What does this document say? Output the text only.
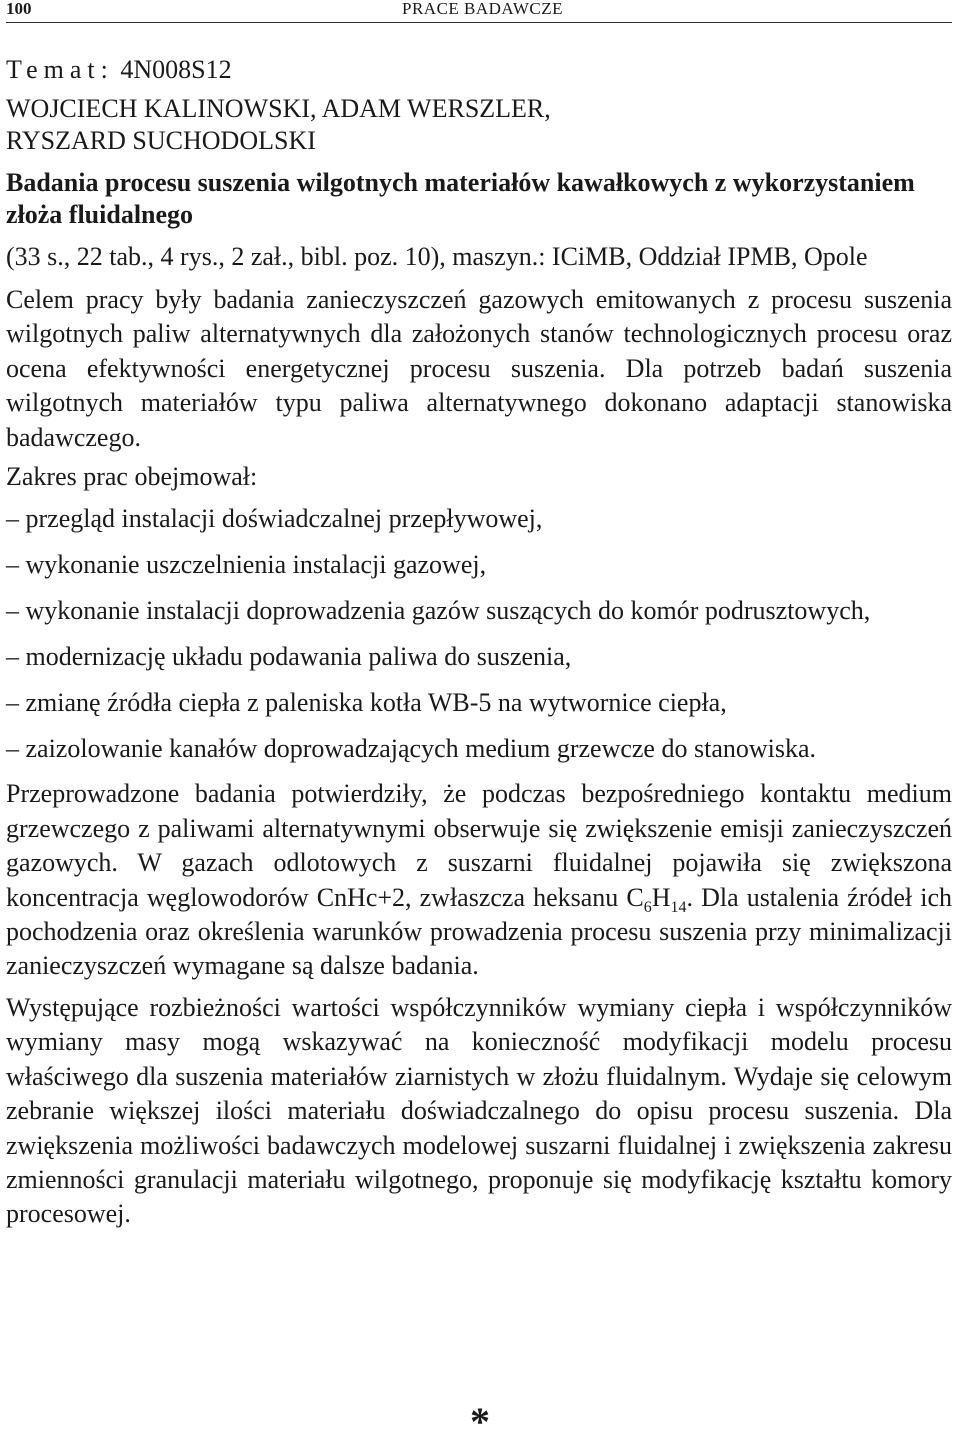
100	PRACE BADAWCZE
Temat: 4N008S12
WOJCIECH KALINOWSKI, ADAM WERSZLER,
RYSZARD SUCHODOLSKI
Badania procesu suszenia wilgotnych materiałów kawałkowych z wykorzystaniem złoża fluidalnego
(33 s., 22 tab., 4 rys., 2 zał., bibl. poz. 10), maszyn.: ICiMB, Oddział IPMB, Opole

Celem pracy były badania zanieczyszczeń gazowych emitowanych z procesu suszenia wilgotnych paliw alternatywnych dla założonych stanów technologicznych procesu oraz ocena efektywności energetycznej procesu suszenia. Dla potrzeb badań suszenia wilgotnych materiałów typu paliwa alternatywnego dokonano adaptacji stanowiska badawczego.

Zakres prac obejmował:

– przegląd instalacji doświadczalnej przepływowej,
– wykonanie uszczelnienia instalacji gazowej,
– wykonanie instalacji doprowadzenia gazów suszących do komór podrusztowych,
– modernizację układu podawania paliwa do suszenia,
– zmianę źródła ciepła z paleniska kotła WB-5 na wytwornice ciepła,
– zaizolowanie kanałów doprowadzających medium grzewcze do stanowiska.

Przeprowadzone badania potwierdziły, że podczas bezpośredniego kontaktu medium grzewczego z paliwami alternatywnymi obserwuje się zwiększenie emisji zanieczyszczeń gazowych. W gazach odlotowych z suszarni fluidalnej pojawiła się zwiększona koncentracja węglowodorów CnHc+2, zwłaszcza heksanu $C_6H_{14}$. Dla ustalenia źródeł ich pochodzenia oraz określenia warunków prowadzenia procesu suszenia przy minimalizacji zanieczyszczeń wymagane są dalsze badania.

Występujące rozbieżności wartości współczynników wymiany ciepła i współczynników wymiany masy mogą wskazywać na konieczność modyfikacji modelu procesu właściwego dla suszenia materiałów ziarnistych w złożu fluidalnym. Wydaje się celowym zebranie większej ilości materiału doświadczalnego do opisu procesu suszenia. Dla zwiększenia możliwości badawczych modelowej suszarni fluidalnej i zwiększenia zakresu zmienności granulacji materiału wilgotnego, proponuje się modyfikację kształtu komory procesowej.

*
